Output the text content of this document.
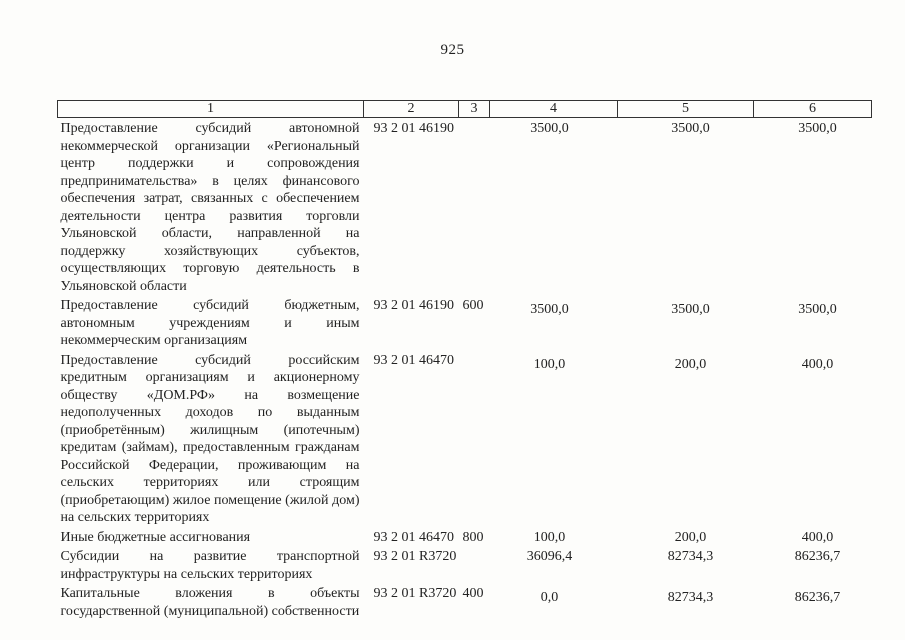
925
1	2	3	4	5	6
Предоставление субсидий автономной некоммерческой организации «Региональный центр поддержки и сопровождения предпринимательства» в целях финансового обеспечения затрат, связанных с обеспечением деятельности центра развития торговли Ульяновской области, направленной на поддержку хозяйствующих субъектов, осуществляющих торговую деятельность в Ульяновской области	93 2 01 46190		3500,0	3500,0	3500,0
Предоставление субсидий бюджетным, автономным учреждениям и иным некоммерческим организациям	93 2 01 46190	600	3500,0	3500,0	3500,0
Предоставление субсидий российским кредитным организациям и акционерному обществу «ДОМ.РФ» на возмещение недополученных доходов по выданным (приобретённым) жилищным (ипотечным) кредитам (займам), предоставленным гражданам Российской Федерации, проживающим на сельских территориях или строящим (приобретающим) жилое помещение (жилой дом) на сельских территориях	93 2 01 46470		100,0	200,0	400,0
Иные бюджетные ассигнования	93 2 01 46470	800	100,0	200,0	400,0
Субсидии на развитие транспортной инфраструктуры на сельских территориях	93 2 01 R3720		36096,4	82734,3	86236,7
Капитальные вложения в объекты государственной (муниципальной) собственности	93 2 01 R3720	400	0,0	82734,3	86236,7
